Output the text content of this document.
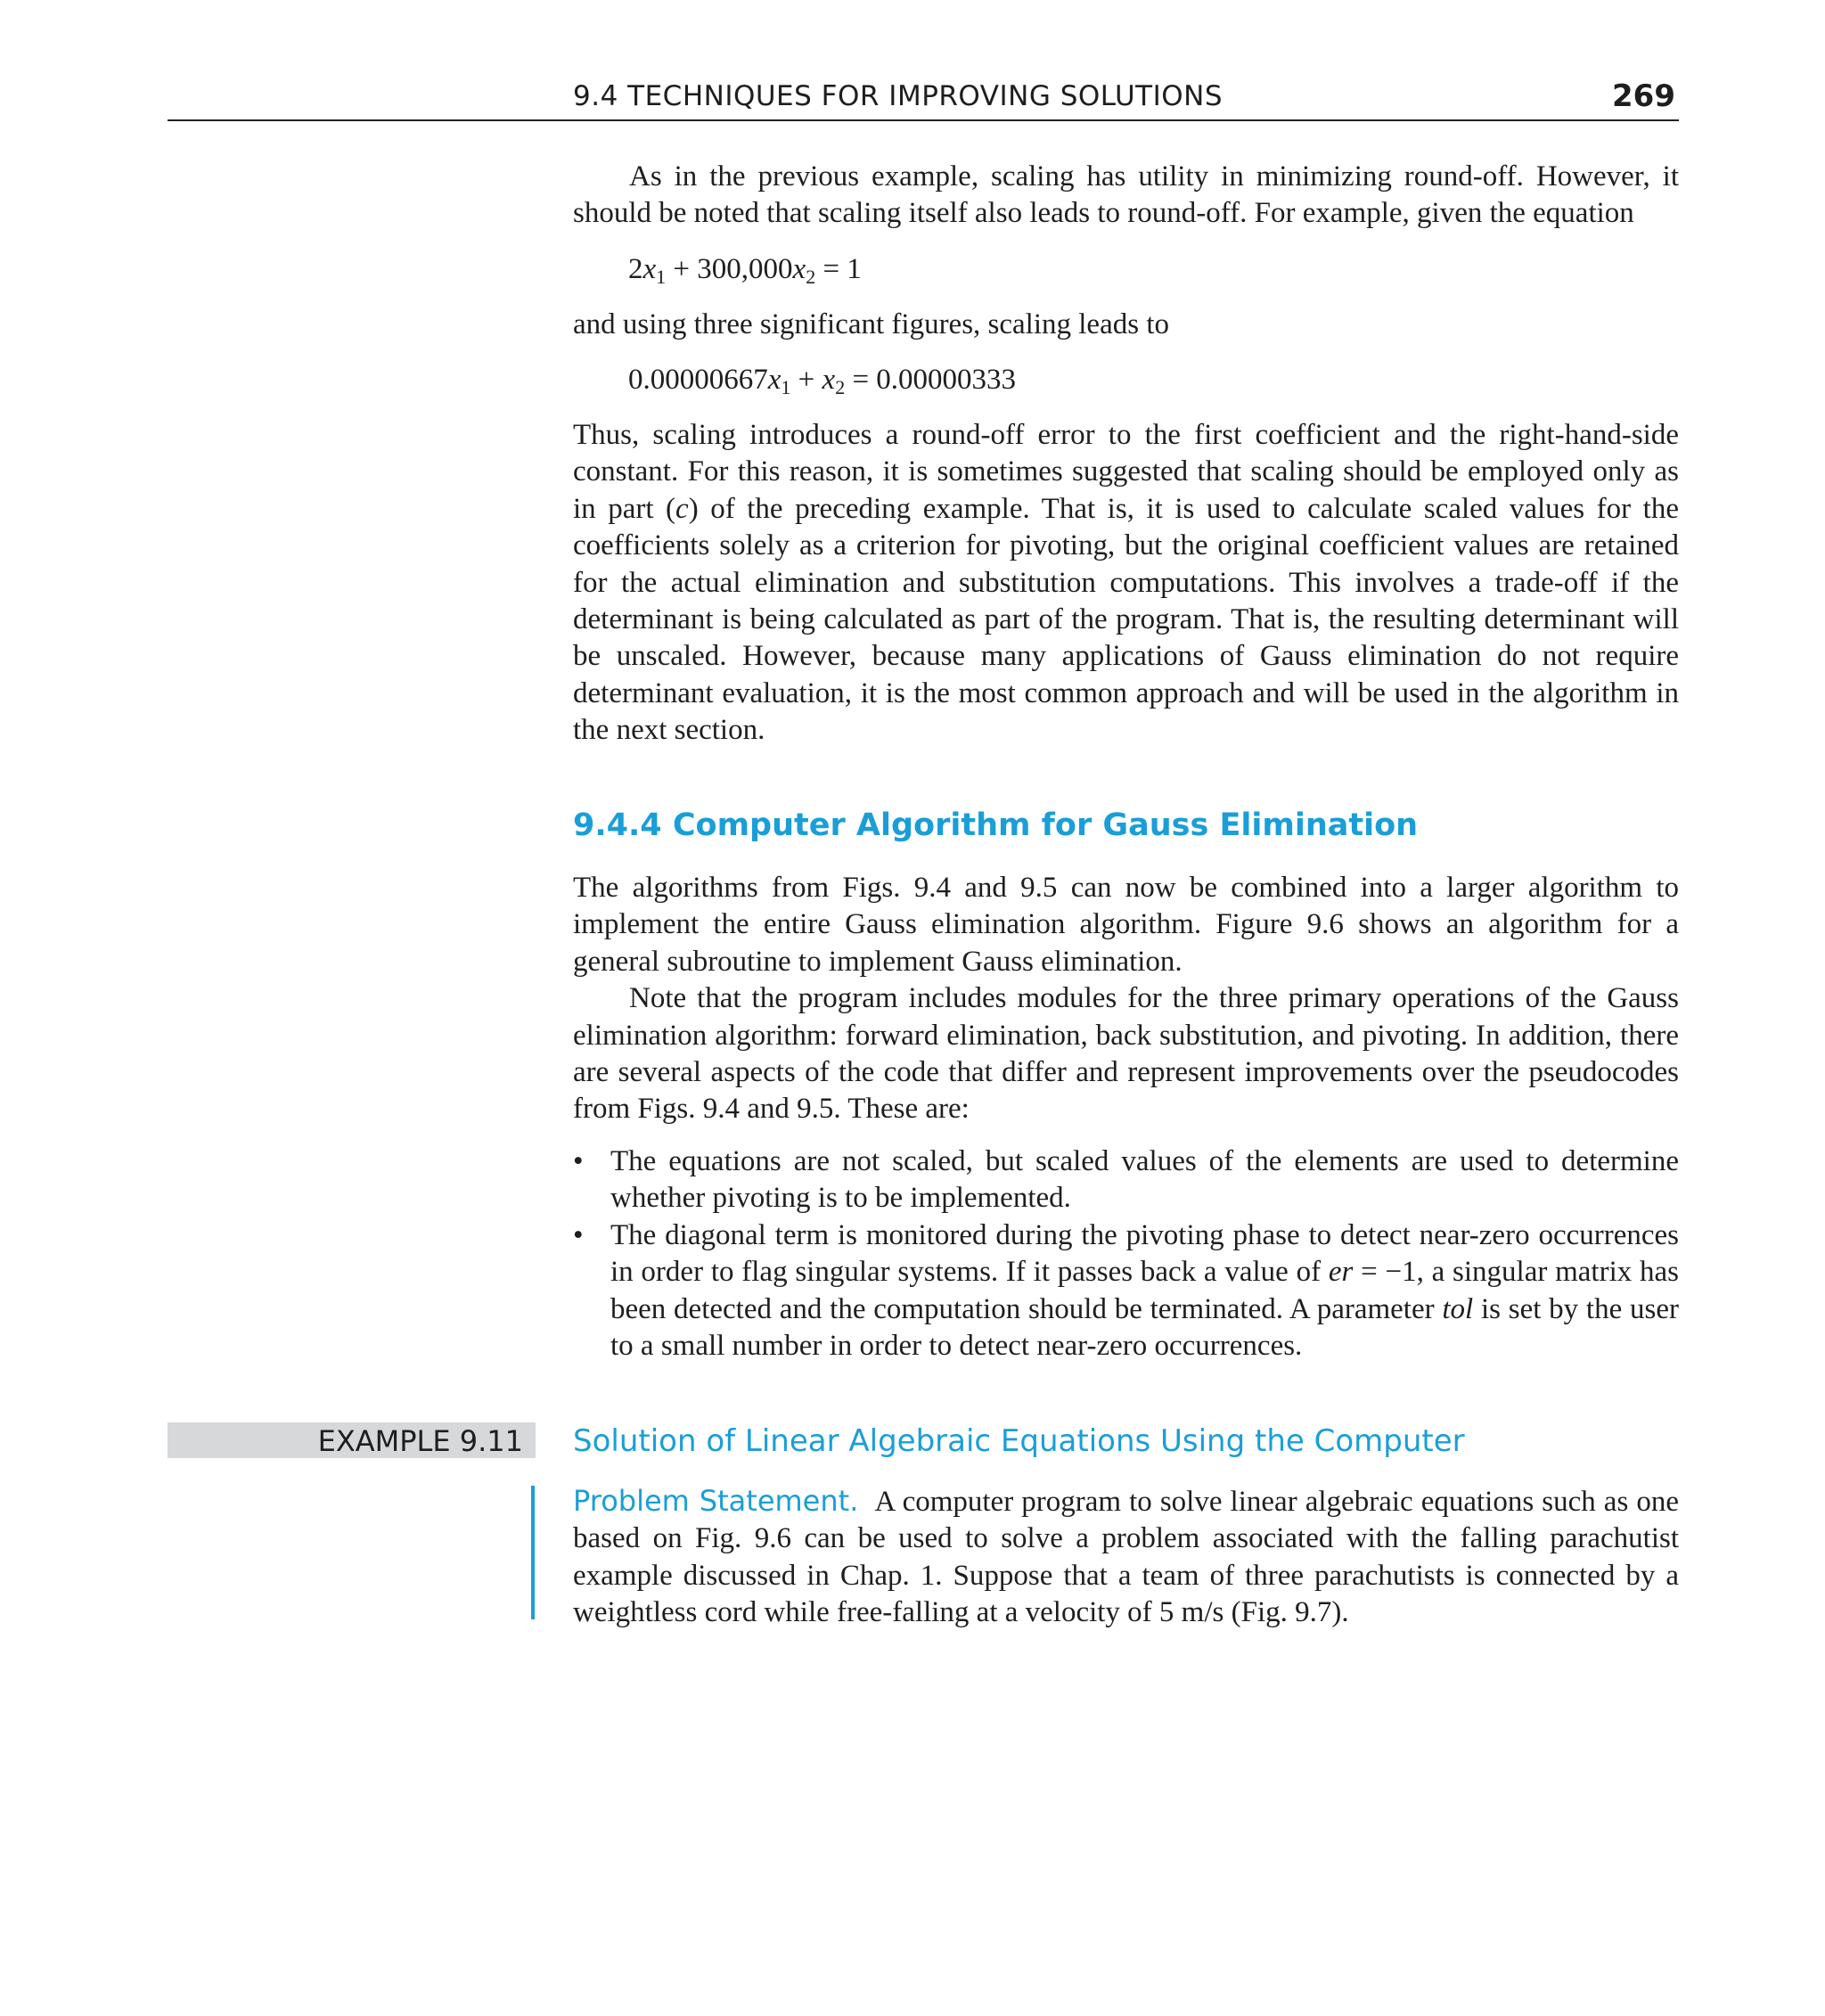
9.4 TECHNIQUES FOR IMPROVING SOLUTIONS	269

As in the previous example, scaling has utility in minimizing round-off. However, it should be noted that scaling itself also leads to round-off. For example, given the equation

$2x_1 + 300,000x_2 = 1$

and using three significant figures, scaling leads to

$0.00000667x_1 + x_2 = 0.00000333$

Thus, scaling introduces a round-off error to the first coefficient and the right-hand-side constant. For this reason, it is sometimes suggested that scaling should be employed only as in part (c) of the preceding example. That is, it is used to calculate scaled values for the coefficients solely as a criterion for pivoting, but the original coefficient values are retained for the actual elimination and substitution computations. This involves a trade-off if the determinant is being calculated as part of the program. That is, the resulting determinant will be unscaled. However, because many applications of Gauss elimination do not require determinant evaluation, it is the most common approach and will be used in the algorithm in the next section.

9.4.4 Computer Algorithm for Gauss Elimination

The algorithms from Figs. 9.4 and 9.5 can now be combined into a larger algorithm to implement the entire Gauss elimination algorithm. Figure 9.6 shows an algorithm for a general subroutine to implement Gauss elimination.

Note that the program includes modules for the three primary operations of the Gauss elimination algorithm: forward elimination, back substitution, and pivoting. In addition, there are several aspects of the code that differ and represent improvements over the pseudocodes from Figs. 9.4 and 9.5. These are:

• The equations are not scaled, but scaled values of the elements are used to determine whether pivoting is to be implemented.
• The diagonal term is monitored during the pivoting phase to detect near-zero occurrences in order to flag singular systems. If it passes back a value of er = −1, a singular matrix has been detected and the computation should be terminated. A parameter tol is set by the user to a small number in order to detect near-zero occurrences.
EXAMPLE 9.11 Solution of Linear Algebraic Equations Using the Computer

Problem Statement. A computer program to solve linear algebraic equations such as one based on Fig. 9.6 can be used to solve a problem associated with the falling parachutist example discussed in Chap. 1. Suppose that a team of three parachutists is connected by a weightless cord while free-falling at a velocity of 5 m/s (Fig. 9.7).
